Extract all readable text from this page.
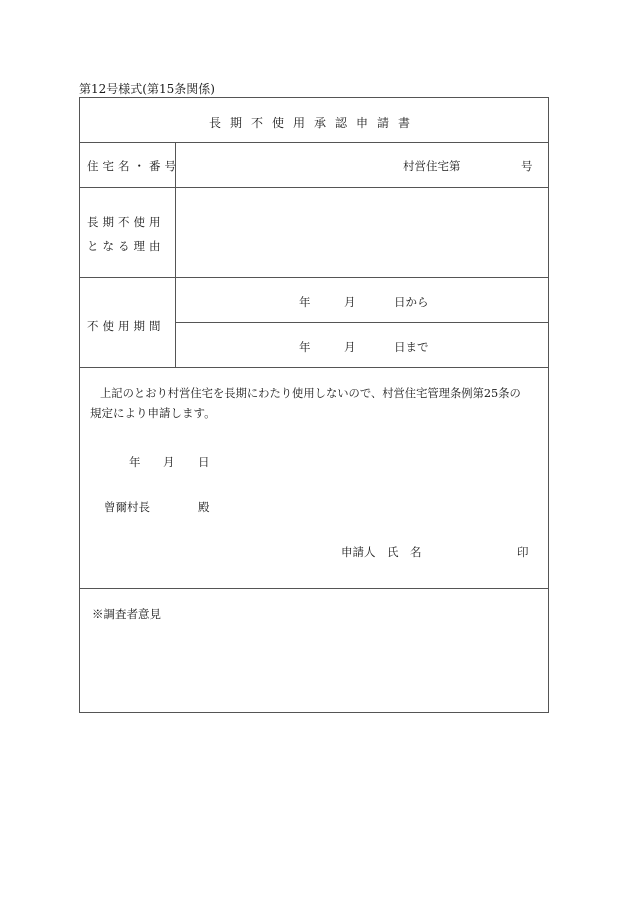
第12号様式(第15条関係)
長期不使用承認申請書
住宅名・番号	村営住宅第	号
長期不使用
となる理由
不使用期間
年	月	日から
年	月	日まで
上記のとおり村営住宅を長期にわたり使用しないので、村営住宅管理条例第25条の
規定により申請します。
年 月 日
曾爾村長	殿
申請人 氏　名	印
※調査者意見
